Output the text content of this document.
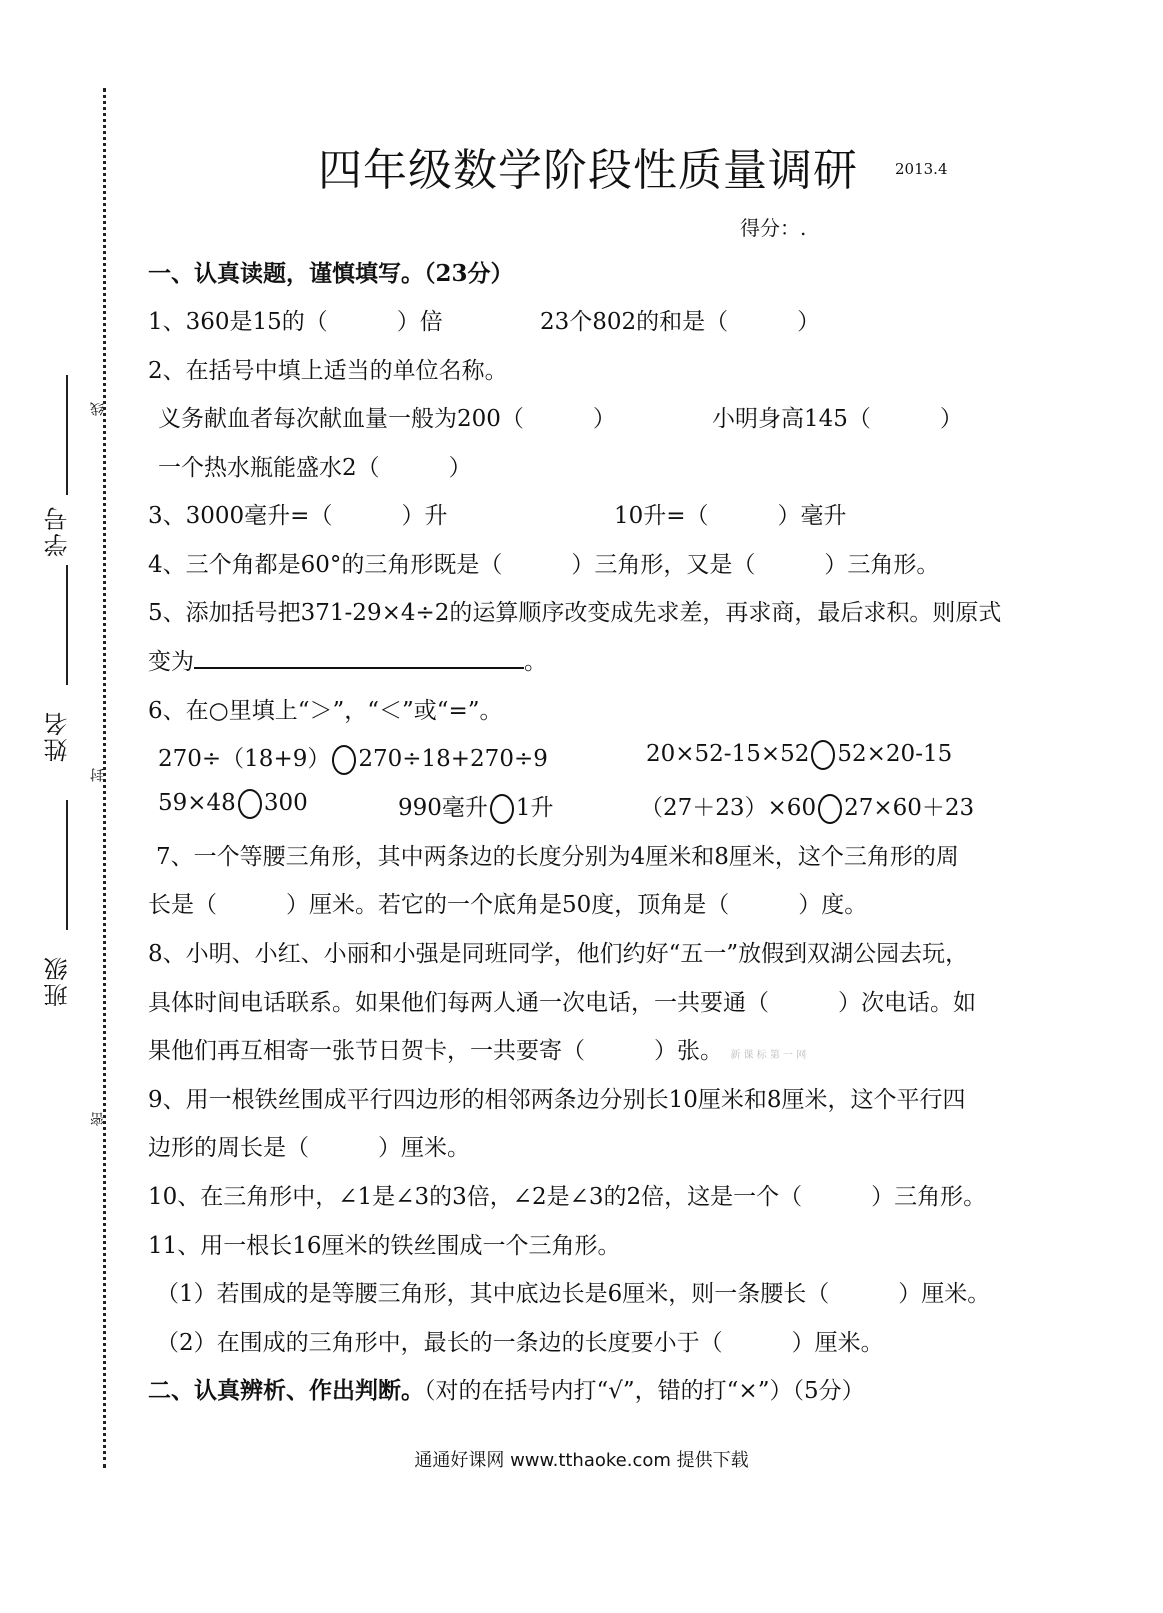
学号
姓名
班级
线
封
密
四年级数学阶段性质量调研 2013.4
得分：.
一、认真读题，谨慎填写。（23分）
1、360是15的（　　　）倍	23个802的和是（　　　）
2、在括号中填上适当的单位名称。
义务献血者每次献血量一般为200（　　　）	小明身高145（　　　）
一个热水瓶能盛水2（　　　）
3、3000毫升=（　　　）升	10升=（　　　）毫升
4、三个角都是60°的三角形既是（　　　）三角形，又是（　　　）三角形。
5、添加括号把371-29×4÷2的运算顺序改变成先求差，再求商，最后求积。则原式
变为	。
6、在○里填上“＞”，“＜”或“=”。
270÷（18+9） 270÷18+270÷9	20×52-15×52 52×20-15
59×48 300	990毫升 1升	（27＋23）×60 27×60＋23
7、一个等腰三角形，其中两条边的长度分别为4厘米和8厘米，这个三角形的周
长是（　　　）厘米。若它的一个底角是50度，顶角是（　　　）度。
8、小明、小红、小丽和小强是同班同学，他们约好“五一”放假到双湖公园去玩，
具体时间电话联系。如果他们每两人通一次电话，一共要通（　　　）次电话。如
果他们再互相寄一张节日贺卡，一共要寄（　　　）张。 新 课 标 第 一 网
9、用一根铁丝围成平行四边形的相邻两条边分别长10厘米和8厘米，这个平行四
边形的周长是（　　　）厘米。
10、在三角形中，∠1是∠3的3倍，∠2是∠3的2倍，这是一个（　　　）三角形。
11、用一根长16厘米的铁丝围成一个三角形。
（1）若围成的是等腰三角形，其中底边长是6厘米，则一条腰长（　　　）厘米。
（2）在围成的三角形中，最长的一条边的长度要小于（　　　）厘米。
二、认真辨析、作出判断。（对的在括号内打“√”，错的打“×”）（5分）
通通好课网 www.tthaoke.com 提供下载
